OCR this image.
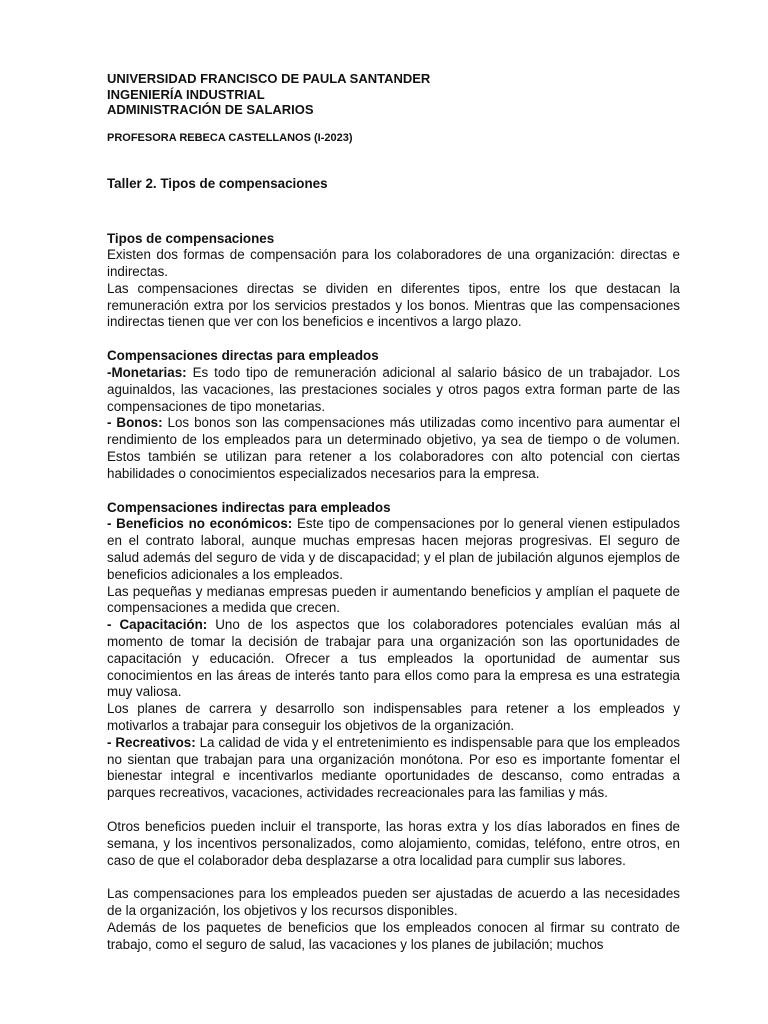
UNIVERSIDAD FRANCISCO DE PAULA SANTANDER
INGENIERÍA INDUSTRIAL
ADMINISTRACIÓN DE SALARIOS
PROFESORA REBECA CASTELLANOS (I-2023)
Taller 2. Tipos de compensaciones
Tipos de compensaciones

Existen dos formas de compensación para los colaboradores de una organización: directas e indirectas.

Las compensaciones directas se dividen en diferentes tipos, entre los que destacan la remuneración extra por los servicios prestados y los bonos. Mientras que las compensaciones indirectas tienen que ver con los beneficios e incentivos a largo plazo.

Compensaciones directas para empleados

-Monetarias: Es todo tipo de remuneración adicional al salario básico de un trabajador. Los aguinaldos, las vacaciones, las prestaciones sociales y otros pagos extra forman parte de las compensaciones de tipo monetarias.

- Bonos: Los bonos son las compensaciones más utilizadas como incentivo para aumentar el rendimiento de los empleados para un determinado objetivo, ya sea de tiempo o de volumen. Estos también se utilizan para retener a los colaboradores con alto potencial con ciertas habilidades o conocimientos especializados necesarios para la empresa.

Compensaciones indirectas para empleados

- Beneficios no económicos: Este tipo de compensaciones por lo general vienen estipulados en el contrato laboral, aunque muchas empresas hacen mejoras progresivas. El seguro de salud además del seguro de vida y de discapacidad; y el plan de jubilación algunos ejemplos de beneficios adicionales a los empleados.

Las pequeñas y medianas empresas pueden ir aumentando beneficios y amplían el paquete de compensaciones a medida que crecen.

- Capacitación: Uno de los aspectos que los colaboradores potenciales evalúan más al momento de tomar la decisión de trabajar para una organización son las oportunidades de capacitación y educación. Ofrecer a tus empleados la oportunidad de aumentar sus conocimientos en las áreas de interés tanto para ellos como para la empresa es una estrategia muy valiosa.

Los planes de carrera y desarrollo son indispensables para retener a los empleados y motivarlos a trabajar para conseguir los objetivos de la organización.

- Recreativos: La calidad de vida y el entretenimiento es indispensable para que los empleados no sientan que trabajan para una organización monótona. Por eso es importante fomentar el bienestar integral e incentivarlos mediante oportunidades de descanso, como entradas a parques recreativos, vacaciones, actividades recreacionales para las familias y más.

Otros beneficios pueden incluir el transporte, las horas extra y los días laborados en fines de semana, y los incentivos personalizados, como alojamiento, comidas, teléfono, entre otros, en caso de que el colaborador deba desplazarse a otra localidad para cumplir sus labores.

Las compensaciones para los empleados pueden ser ajustadas de acuerdo a las necesidades de la organización, los objetivos y los recursos disponibles.

Además de los paquetes de beneficios que los empleados conocen al firmar su contrato de trabajo, como el seguro de salud, las vacaciones y los planes de jubilación; muchos
